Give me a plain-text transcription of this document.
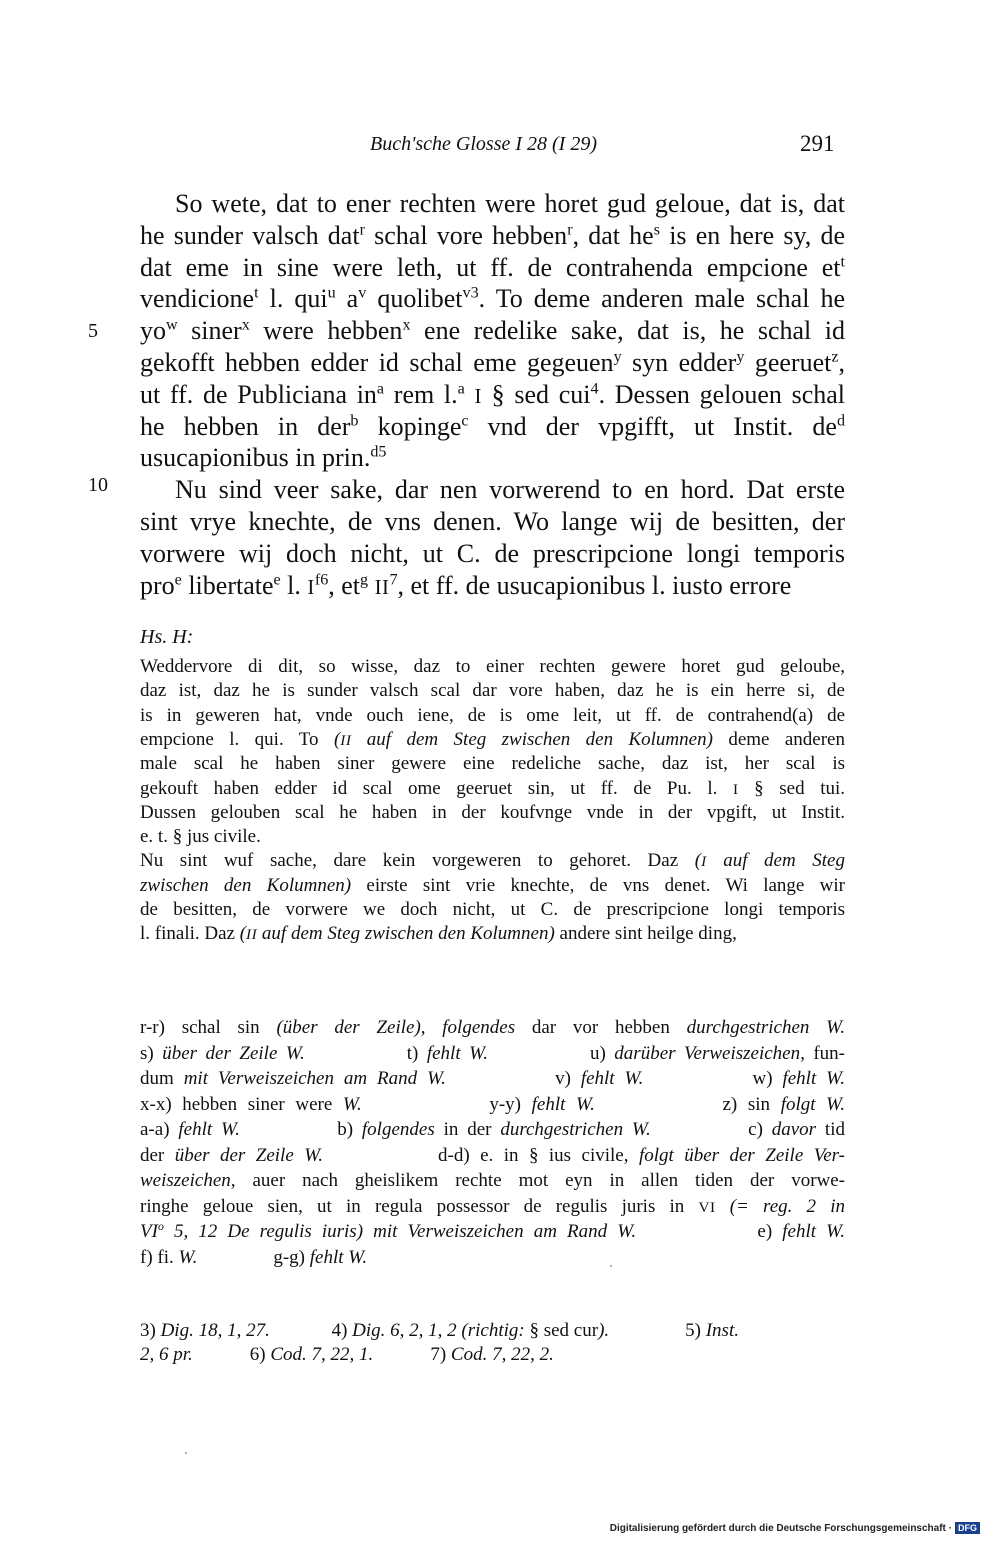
Buch'sche Glosse I 28 (I 29)	291
5
10
So wete, dat to ener rechten were horet gud geloue, dat is, dat
he sunder valsch dat$^r$ schal vore hebben$^r$, dat $he^s$ is en here sy, de
dat eme in sine were leth, ut ff. de contrahenda empcione $et^t$
vendicione$^t$ l. qui$^u$ $a^v$ quolibet$^{v3}$. To deme anderen male schal he
$yo^w$ siner$^x$ were hebben$^x$ ene redelike sake, dat is, he schal id
gekofft hebben edder id schal eme gegeuen$^y$ syn edder$^y$ geeruet$^z$,
ut ff. de Publiciana $in^a$ rem l.$^a$ I § sed cui$^4$. Dessen gelouen schal
he hebben in der$^b$ kopinge$^c$ vnd der vpgifft, ut Instit. $de^d$
usucapionibus in prin.$^{d5}$
Nu sind veer sake, dar nen vorwerend to en hord. Dat erste
sint vrye knechte, de vns denen. Wo lange wij de besitten, der
vorwere wij doch nicht, ut C. de prescripcione longi temporis
pro$^e$ libertate$^e$ l. $I^{f6}$, $et^g$ $II^7$, et ff. de usucapionibus l. iusto errore
Hs. H:
Weddervore di dit, so wisse, daz to einer rechten gewere horet gud geloube,
daz ist, daz he is sunder valsch scal dar vore haben, daz he is ein herre si, de
is in geweren hat, vnde ouch iene, de is ome leit, ut ff. de contrahend(a) de
empcione l. qui. To (II auf dem Steg zwischen den Kolumnen) deme anderen
male scal he haben siner gewere eine redeliche sache, daz ist, her scal is
gekouft haben edder id scal ome geeruet sin, ut ff. de Pu. l. I § sed tui.
Dussen gelouben scal he haben in der koufvnge vnde in der vpgift, ut Instit.
e. t. § jus civile.
Nu sint wuf sache, dare kein vorgeweren to gehoret. Daz (I auf dem Steg
zwischen den Kolumnen) eirste sint vrie knechte, de vns denet. Wi lange wir
de besitten, de vorwere we doch nicht, ut C. de prescripcione longi temporis
l. finali. Daz (II auf dem Steg zwischen den Kolumnen) andere sint heilge ding,
r-r) schal sin (über der Zeile), folgendes dar vor hebben durchgestrichen W.
s) über der Zeile W.            t) fehlt W.            u) darüber Verweiszeichen, fun-
dum mit Verweiszeichen am Rand W.           v) fehlt W.           w) fehlt W.
x-x) hebben siner were W.            y-y) fehlt W.            z) sin folgt W.
a-a) fehlt W.           b) folgendes in der durchgestrichen W.           c) davor tid
der über der Zeile W.           d-d) e. in § ius civile, folgt über der Zeile Ver-
weiszeichen, auer nach gheislikem rechte mot eyn in allen tiden der vorwe-
ringhe geloue sien, ut in regula possessor de regulis juris in VI (= reg. 2 in
$VI^o$ 5, 12 De regulis iuris) mit Verweiszeichen am Rand W.            e) fehlt W.
f) fi. W.                g-g) fehlt W.
3) Dig. 18, 1, 27.             4) Dig. 6, 2, 1, 2 (richtig: § sed cur).                5) Inst.
2, 6 pr.            6) Cod. 7, 22, 1.            7) Cod. 7, 22, 2.
Digitalisierung gefördert durch die Deutsche Forschungsgemeinschaft · DFG
